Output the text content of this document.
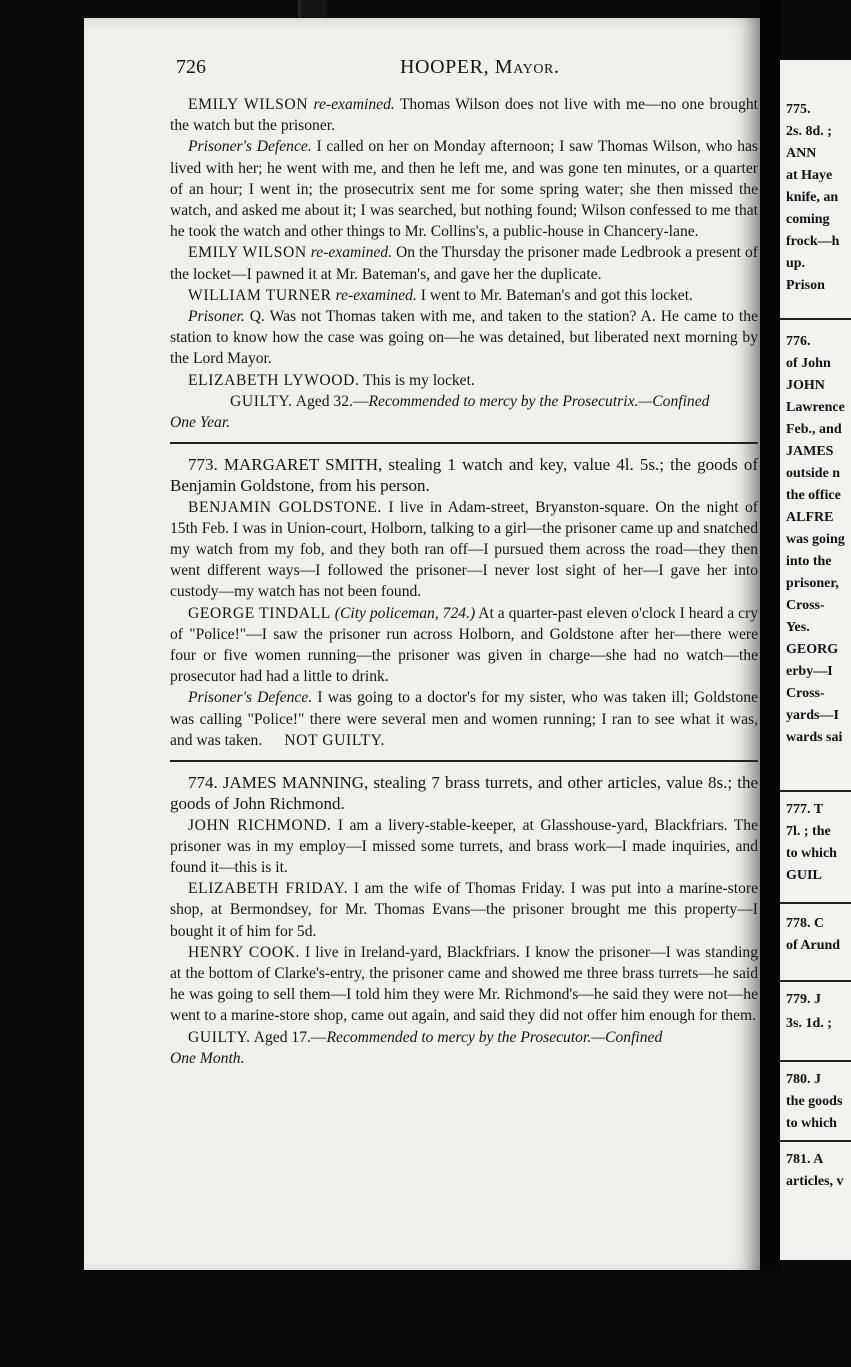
775.
2s. 8d. ;
ANN
at Haye
knife, an
coming
frock—h
up.
Prison
776.
of John
JOHN
Lawrence
Feb., and
JAMES
outside n
the office
ALFRE
was going
into the
prisoner,
Cross-
Yes.
GEORG
erby—I
Cross-
yards—I
wards sai
777. T
7l. ; the
to which
GUIL
778. C
of Arund
779. J
3s. 1d. ;
780. J
the goods
to which
781. A
articles, v
726	HOOPER, Mayor.

EMILY WILSON re-examined. Thomas Wilson does not live with me—no one brought the watch but the prisoner.

Prisoner's Defence. I called on her on Monday afternoon; I saw Thomas Wilson, who has lived with her; he went with me, and then he left me, and was gone ten minutes, or a quarter of an hour; I went in; the prosecutrix sent me for some spring water; she then missed the watch, and asked me about it; I was searched, but nothing found; Wilson confessed to me that he took the watch and other things to Mr. Collins's, a public-house in Chancery-lane.

EMILY WILSON re-examined. On the Thursday the prisoner made Ledbrook a present of the locket—I pawned it at Mr. Bateman's, and gave her the duplicate.

WILLIAM TURNER re-examined. I went to Mr. Bateman's and got this locket.

Prisoner. Q. Was not Thomas taken with me, and taken to the station? A. He came to the station to know how the case was going on—he was detained, but liberated next morning by the Lord Mayor.

ELIZABETH LYWOOD. This is my locket.

GUILTY. Aged 32.—Recommended to mercy by the Prosecutrix.—Confined

One Year.

773. MARGARET SMITH, stealing 1 watch and key, value 4l. 5s.; the goods of Benjamin Goldstone, from his person.

BENJAMIN GOLDSTONE. I live in Adam-street, Bryanston-square. On the night of 15th Feb. I was in Union-court, Holborn, talking to a girl—the prisoner came up and snatched my watch from my fob, and they both ran off—I pursued them across the road—they then went different ways—I followed the prisoner—I never lost sight of her—I gave her into custody—my watch has not been found.

GEORGE TINDALL (City policeman, 724.) At a quarter-past eleven o'clock I heard a cry of "Police!"—I saw the prisoner run across Holborn, and Goldstone after her—there were four or five women running—the prisoner was given in charge—she had no watch—the prosecutor had had a little to drink.

Prisoner's Defence. I was going to a doctor's for my sister, who was taken ill; Goldstone was calling "Police!" there were several men and women running; I ran to see what it was, and was taken. NOT GUILTY.

774. JAMES MANNING, stealing 7 brass turrets, and other articles, value 8s.; the goods of John Richmond.

JOHN RICHMOND. I am a livery-stable-keeper, at Glasshouse-yard, Blackfriars. The prisoner was in my employ—I missed some turrets, and brass work—I made inquiries, and found it—this is it.

ELIZABETH FRIDAY. I am the wife of Thomas Friday. I was put into a marine-store shop, at Bermondsey, for Mr. Thomas Evans—the prisoner brought me this property—I bought it of him for 5d.

HENRY COOK. I live in Ireland-yard, Blackfriars. I know the prisoner—I was standing at the bottom of Clarke's-entry, the prisoner came and showed me three brass turrets—he said he was going to sell them—I told him they were Mr. Richmond's—he said they were not—he went to a marine-store shop, came out again, and said they did not offer him enough for them.

GUILTY. Aged 17.—Recommended to mercy by the Prosecutor.—Confined

One Month.
